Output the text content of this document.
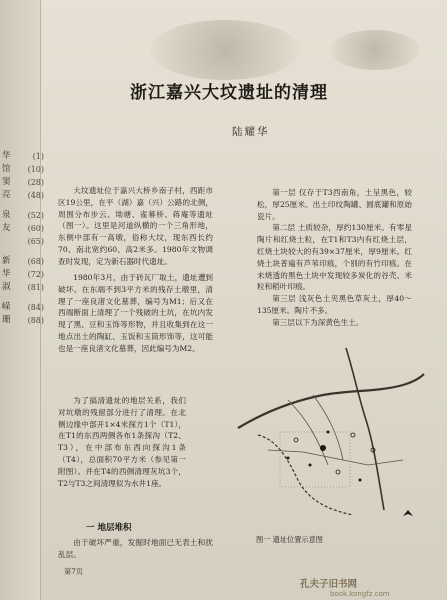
华	(1)
馆 (10)
窦 (28)
亮 (48)
泉 (52)
友 (60)
(65)
新 (68)
华 (72)
淑 (81)
嵘 (84)
珊 (88)
浙江嘉兴大坟遗址的清理
陆耀华

大坟遗址位于嘉兴大桥乡南子村，西距市区19公里，在平（湖）嘉（兴）公路的北侧，周围分布步云、坳塘、雀幕桥、蒋庵等遗址（图一）。这里是河道纵横的一个三角形地，东侧中部有一高墩，俗称大坟，现东西长约70、南北宽约60、高2米多。1980年文物调查时发现，定为新石器时代遗址。

1980年3月，由于砖瓦厂取土，遗址遭到破坏。在东端不到3平方米的残存土墩里，清理了一座良渚文化墓葬，编号为M1；后又在西端断面上清理了一个残破的土坑，在坑内发现了黑、豆和玉饰等形物，并且收集到在这一地点出土的陶缸、玉饭和玉筒形饰等，这可能也是一座良渚文化墓葬，因此编号为M2。

为了搞清遗址的地层关系，我们对坑墩的残留部分进行了清理。在北侧边缘中部开1×4米探方1个（T1），在T1的东西两侧各布1条探沟（T2、T3），在中部布东西向探沟1条（T4），总面积70平方米（参见第一附图）。并在T4的西侧清理灰坑3个，T2与T3之间清理似为水井1座。

一 地层堆积

由于破坏严重，发掘时地面已无表土和扰乱层。

第一层 仅存于T3西南角，土呈黑色，较松，厚25厘米。出土印纹陶罐、圆底罐和原始瓷片。

第二层 土质较杂，厚约130厘米。有零星陶片和红烧土粒，在T1和T3内有红烧土层，红烧土块较大的有39×37厘米，厚9厘米。红烧土块普遍有芦苇印痕，个别的有竹印痕。在未烧透的黑色土块中发现较多炭化的谷壳、米粒和稻叶印痕。

第三层 浅灰色土夹黑色草灰土，厚40～135厘米。陶片不多。

第三层以下为深黄色生土。

图一 遗址位置示意图
第7页
孔夫子旧书网
book.kongfz.com
